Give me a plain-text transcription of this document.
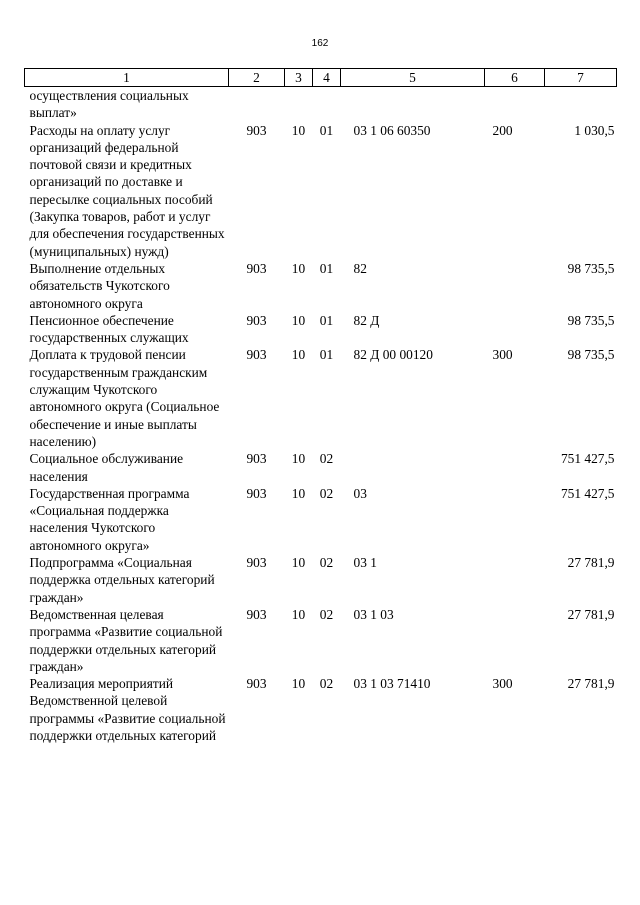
162
1	2	3	4	5	6	7
осуществления социальных выплат»						
Расходы на оплату услуг организаций федеральной почтовой связи и кредитных организаций по доставке и пересылке социальных пособий (Закупка товаров, работ и услуг для обеспечения государственных (муниципальных) нужд)	903	10	01	03 1 06 60350	200	1 030,5
Выполнение отдельных обязательств Чукотского автономного округа	903	10	01	82		98 735,5
Пенсионное обеспечение государственных служащих	903	10	01	82 Д		98 735,5
Доплата к трудовой пенсии государственным гражданским служащим Чукотского автономного округа (Социальное обеспечение и иные выплаты населению)	903	10	01	82 Д 00 00120	300	98 735,5
Социальное обслуживание населения	903	10	02			751 427,5
Государственная программа «Социальная поддержка населения Чукотского автономного округа»	903	10	02	03		751 427,5
Подпрограмма «Социальная поддержка отдельных категорий граждан»	903	10	02	03 1		27 781,9
Ведомственная целевая программа «Развитие социальной поддержки отдельных категорий граждан»	903	10	02	03 1 03		27 781,9
Реализация мероприятий Ведомственной целевой программы «Развитие социальной поддержки отдельных категорий	903	10	02	03 1 03 71410	300	27 781,9
